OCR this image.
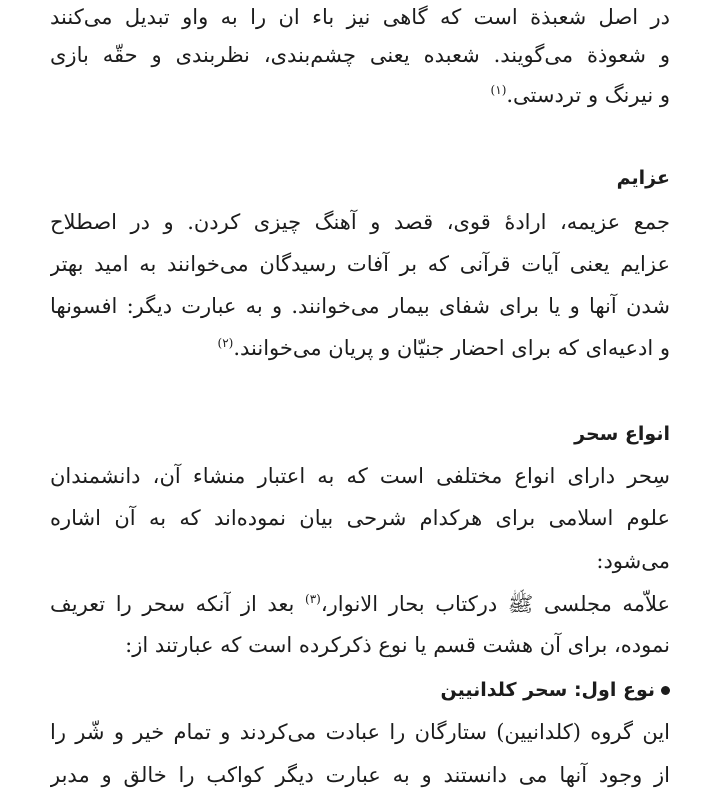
در اصل شعبذة است که گاهی نیز باء ان را به واو تبدیل می‌کنند
و شعوذة می‌گویند. شعبده یعنی چشم‌بندی، نظربندی و حقّه بازی
و نیرنگ و تردستی.$^{(۱)}$
عزایم
جمع عزیمه، ارادهٔ قوی، قصد و آهنگ چیزی کردن. و در اصطلاح
عزایم یعنی آیات قرآنی که بر آفات رسیدگان می‌خوانند به امید بهتر
شدن آنها و یا برای شفای بیمار می‌خوانند. و به عبارت دیگر: افسونها
و ادعیه‌ای که برای احضار جنیّان و پریان می‌خوانند.$^{(۲)}$
انواع سحر
سِحر دارای انواع مختلفی است که به اعتبار منشاء آن، دانشمندان
علوم اسلامی برای هرکدام شرحی بیان نموده‌اند که به آن اشاره
می‌شود:
علاّمه مجلسی ﷺ درکتاب بحار الانوار،$^{(۳)}$ بعد از آنکه سحر را تعریف
نموده، برای آن هشت قسم یا نوع ذکرکرده است که عبارتند از:
نوع اول: سحر کلدانیین
این گروه (کلدانیین) ستارگان را عبادت می‌کردند و تمام خیر و شّر را
از وجود آنها می دانستند و به عبارت دیگر کواکب را خالق و مدبر
